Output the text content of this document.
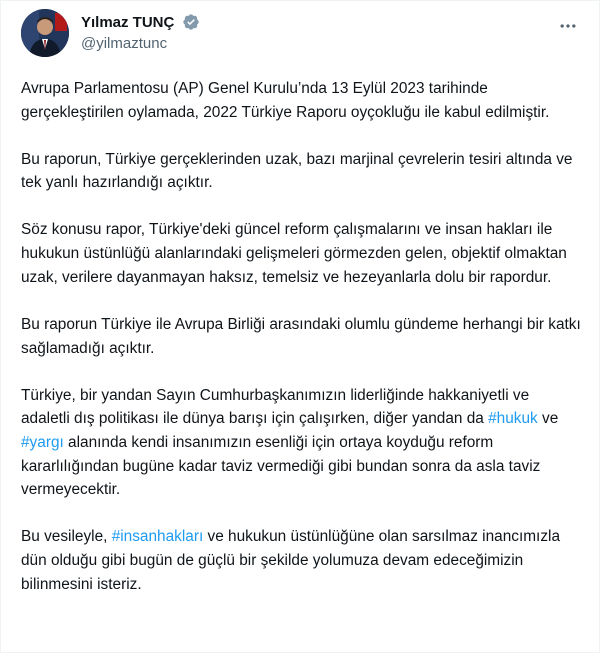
Yılmaz TUNÇ
@yilmaztunc
Avrupa Parlamentosu (AP) Genel Kurulu’nda 13 Eylül 2023 tarihinde gerçekleştirilen oylamada, 2022 Türkiye Raporu oyçokluğu ile kabul edilmiştir.
Bu raporun, Türkiye gerçeklerinden uzak, bazı marjinal çevrelerin tesiri altında ve tek yanlı hazırlandığı açıktır.
Söz konusu rapor, Türkiye'deki güncel reform çalışmalarını ve insan hakları ile hukukun üstünlüğü alanlarındaki gelişmeleri görmezden gelen, objektif olmaktan uzak, verilere dayanmayan haksız, temelsiz ve hezeyanlarla dolu bir rapordur.
Bu raporun Türkiye ile Avrupa Birliği arasındaki olumlu gündeme herhangi bir katkı sağlamadığı açıktır.
Türkiye, bir yandan Sayın Cumhurbaşkanımızın liderliğinde hakkaniyetli ve adaletli dış politikası ile dünya barışı için çalışırken, diğer yandan da #hukuk ve #yargı alanında kendi insanımızın esenliği için ortaya koyduğu reform kararlılığından bugüne kadar taviz vermediği gibi bundan sonra da asla taviz vermeyecektir.
Bu vesileyle, #insanhakları ve hukukun üstünlüğüne olan sarsılmaz inancımızla dün olduğu gibi bugün de güçlü bir şekilde yolumuza devam edeceğimizin bilinmesini isteriz.
